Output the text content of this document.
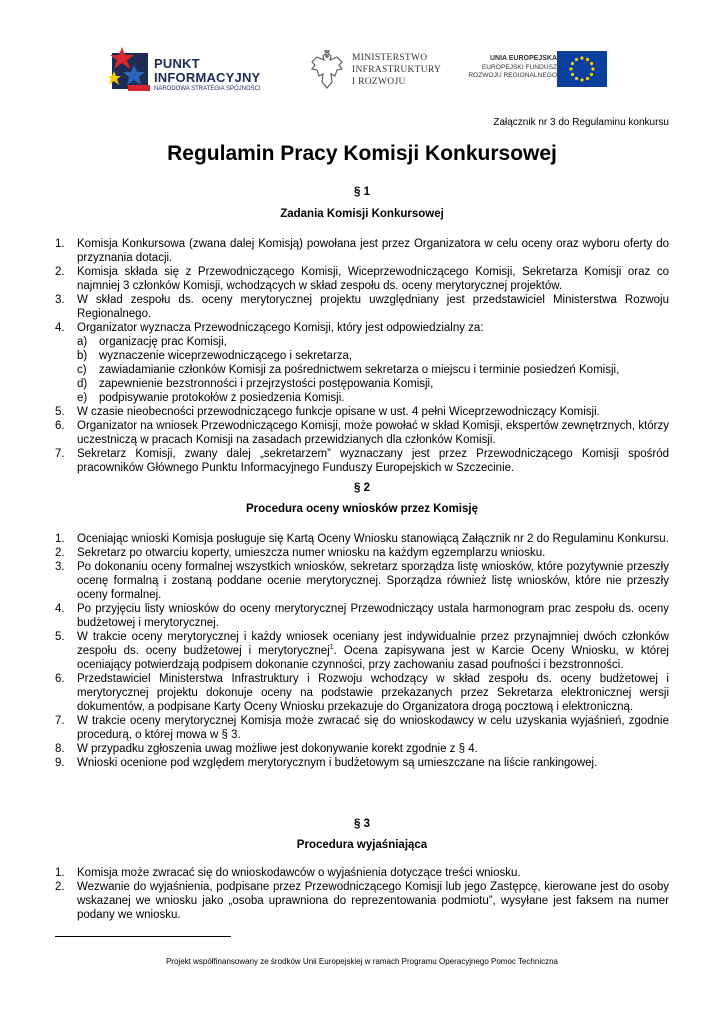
PUNKT
INFORMACYJNY
NARODOWA STRATEGIA SPÓJNOŚCI
MINISTERSTWO
INFRASTRUKTURY
I ROZWOJU
UNIA EUROPEJSKA
EUROPEJSKI FUNDUSZ
ROZWOJU REGIONALNEGO
Załącznik nr 3 do Regulaminu konkursu
Regulamin Pracy Komisji Konkursowej
§ 1
Zadania Komisji Konkursowej
1. Komisja Konkursowa (zwana dalej Komisją) powołana jest przez Organizatora w celu oceny oraz wyboru oferty do przyznania dotacji.
2. Komisja składa się z Przewodniczącego Komisji, Wiceprzewodniczącego Komisji, Sekretarza Komisji oraz co najmniej 3 członków Komisji, wchodzących w skład zespołu ds. oceny merytorycznej projektów.
3. W skład zespołu ds. oceny merytorycznej projektu uwzględniany jest przedstawiciel Ministerstwa Rozwoju Regionalnego.
4. Organizator wyznacza Przewodniczącego Komisji, który jest odpowiedzialny za:
a) organizację prac Komisji,
b) wyznaczenie wiceprzewodniczącego i sekretarza,
c) zawiadamianie członków Komisji za pośrednictwem sekretarza o miejscu i terminie posiedzeń Komisji,
d) zapewnienie bezstronności i przejrzystości postępowania Komisji,
e) podpisywanie protokołów z posiedzenia Komisji.
5. W czasie nieobecności przewodniczącego funkcje opisane w ust. 4 pełni Wiceprzewodniczący Komisji.
6. Organizator na wniosek Przewodniczącego Komisji, może powołać w skład Komisji, ekspertów zewnętrznych, którzy uczestniczą w pracach Komisji na zasadach przewidzianych dla członków Komisji.
7. Sekretarz Komisji, zwany dalej „sekretarzem” wyznaczany jest przez Przewodniczącego Komisji spośród pracowników Głównego Punktu Informacyjnego Funduszy Europejskich w Szczecinie.
§ 2
Procedura oceny wniosków przez Komisję
1. Oceniając wnioski Komisja posługuje się Kartą Oceny Wniosku stanowiącą Załącznik nr 2 do Regulaminu Konkursu.
2. Sekretarz po otwarciu koperty, umieszcza numer wniosku na każdym egzemplarzu wniosku.
3. Po dokonaniu oceny formalnej wszystkich wniosków, sekretarz sporządza listę wniosków, które pozytywnie przeszły ocenę formalną i zostaną poddane ocenie merytorycznej. Sporządza również listę wniosków, które nie przeszły oceny formalnej.
4. Po przyjęciu listy wniosków do oceny merytorycznej Przewodniczący ustala harmonogram prac zespołu ds. oceny budżetowej i merytorycznej.
5. W trakcie oceny merytorycznej i każdy wniosek oceniany jest indywidualnie przez przynajmniej dwóch członków zespołu ds. oceny budżetowej i merytorycznej$^1$. Ocena zapisywana jest w Karcie Oceny Wniosku, w której oceniający potwierdzają podpisem dokonanie czynności, przy zachowaniu zasad poufności i bezstronności.
6. Przedstawiciel Ministerstwa Infrastruktury i Rozwoju wchodzący w skład zespołu ds. oceny budżetowej i merytorycznej projektu dokonuje oceny na podstawie przekazanych przez Sekretarza elektronicznej wersji dokumentów, a podpisane Karty Oceny Wniosku przekazuje do Organizatora drogą pocztową i elektroniczną.
7. W trakcie oceny merytorycznej Komisja może zwracać się do wnioskodawcy w celu uzyskania wyjaśnień, zgodnie procedurą, o której mowa w § 3.
8. W przypadku zgłoszenia uwag możliwe jest dokonywanie korekt zgodnie z § 4.
9. Wnioski ocenione pod względem merytorycznym i budżetowym są umieszczane na liście rankingowej.
§ 3
Procedura wyjaśniająca
1. Komisja może zwracać się do wnioskodawców o wyjaśnienia dotyczące treści wniosku.
2. Wezwanie do wyjaśnienia, podpisane przez Przewodniczącego Komisji lub jego Zastępcę, kierowane jest do osoby wskazanej we wniosku jako „osoba uprawniona do reprezentowania podmiotu”, wysyłane jest faksem na numer podany we wniosku.
Projekt współfinansowany ze środków Unii Europejskiej w ramach Programu Operacyjnego Pomoc Techniczna
